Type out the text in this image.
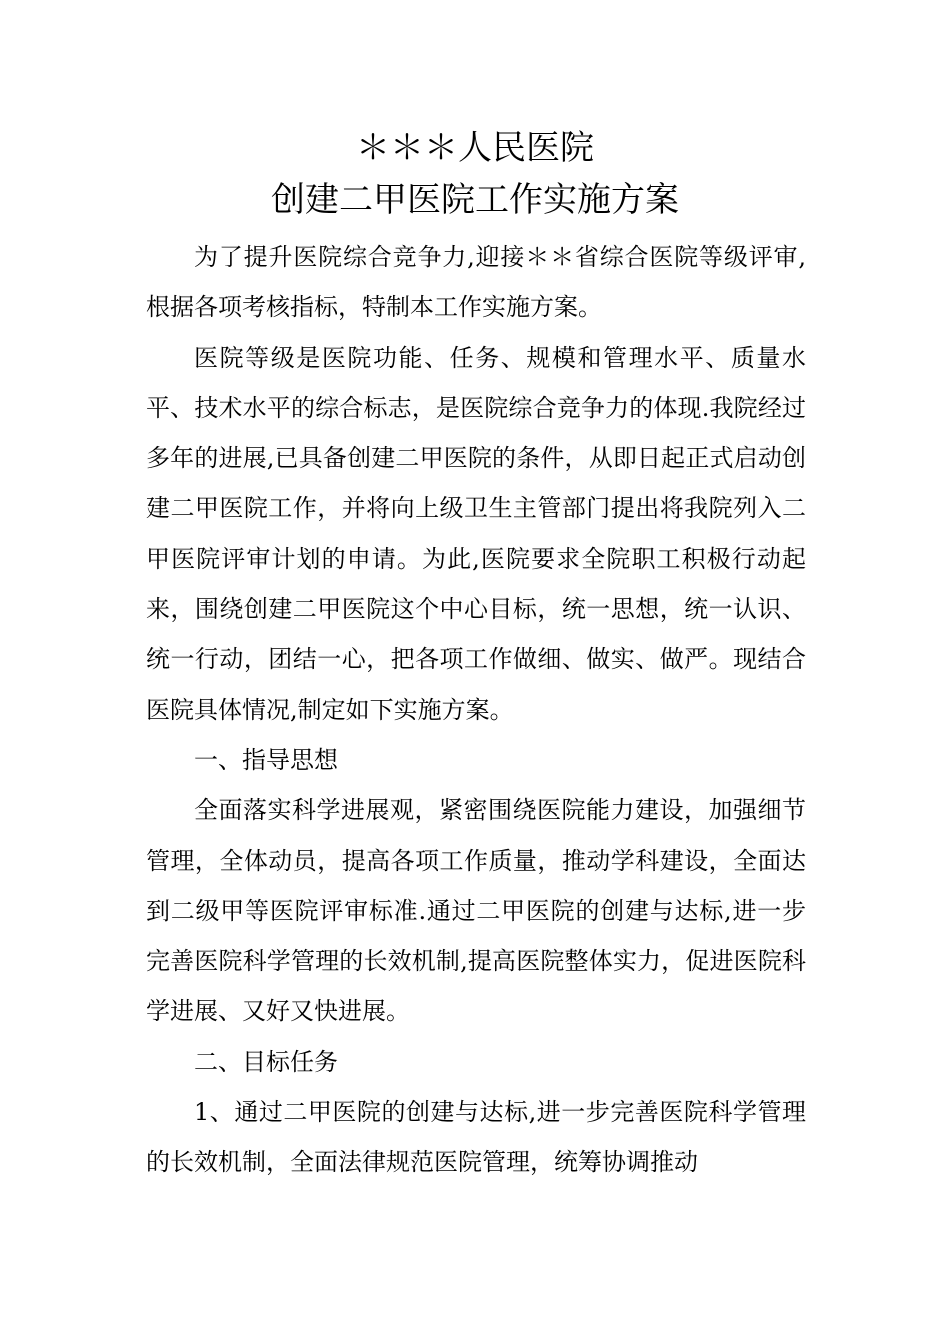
＊＊＊人民医院
创建二甲医院工作实施方案

为了提升医院综合竞争力,迎接＊＊省综合医院等级评审,根据各项考核指标，特制本工作实施方案。

医院等级是医院功能、任务、规模和管理水平、质量水平、技术水平的综合标志，是医院综合竞争力的体现.我院经过多年的进展,已具备创建二甲医院的条件，从即日起正式启动创建二甲医院工作，并将向上级卫生主管部门提出将我院列入二甲医院评审计划的申请。为此,医院要求全院职工积极行动起来，围绕创建二甲医院这个中心目标，统一思想，统一认识、统一行动，团结一心，把各项工作做细、做实、做严。现结合医院具体情况,制定如下实施方案。

一、指导思想

全面落实科学进展观，紧密围绕医院能力建设，加强细节管理，全体动员，提高各项工作质量，推动学科建设，全面达到二级甲等医院评审标准.通过二甲医院的创建与达标,进一步完善医院科学管理的长效机制,提高医院整体实力，促进医院科学进展、又好又快进展。

二、目标任务

1、通过二甲医院的创建与达标,进一步完善医院科学管理的长效机制，全面法律规范医院管理，统筹协调推动
